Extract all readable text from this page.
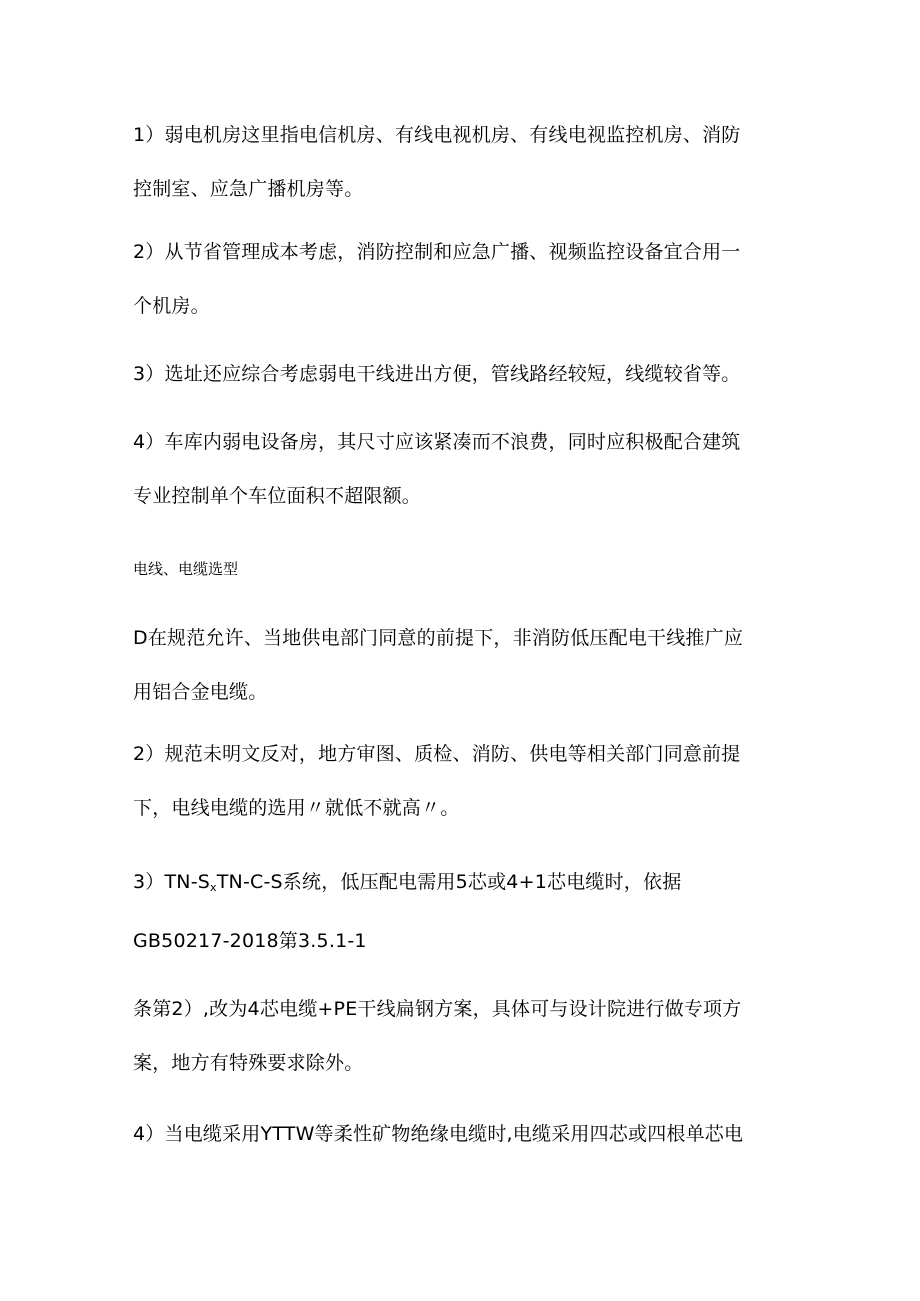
1）弱电机房这里指电信机房、有线电视机房、有线电视监控机房、消防
控制室、应急广播机房等。
2）从节省管理成本考虑，消防控制和应急广播、视频监控设备宜合用一
个机房。
3）选址还应综合考虑弱电干线进出方便，管线路经较短，线缆较省等。
4）车库内弱电设备房，其尺寸应该紧凑而不浪费，同时应积极配合建筑
专业控制单个车位面积不超限额。
电线、电缆选型
D在规范允许、当地供电部门同意的前提下，非消防低压配电干线推广应
用铝合金电缆。
2）规范未明文反对，地方审图、质检、消防、供电等相关部门同意前提
下，电线电缆的选用〃就低不就高〃。
$3)TN-S_xTN-C-S$系统，低压配电需用5芯或4+1芯电缆时，依据
GB50217-2018第3.5.1-1
条第2）,改为4芯电缆+PE干线扁钢方案，具体可与设计院进行做专项方
案，地方有特殊要求除外。
4）当电缆采用YTTW等柔性矿物绝缘电缆时,电缆采用四芯或四根单芯电
